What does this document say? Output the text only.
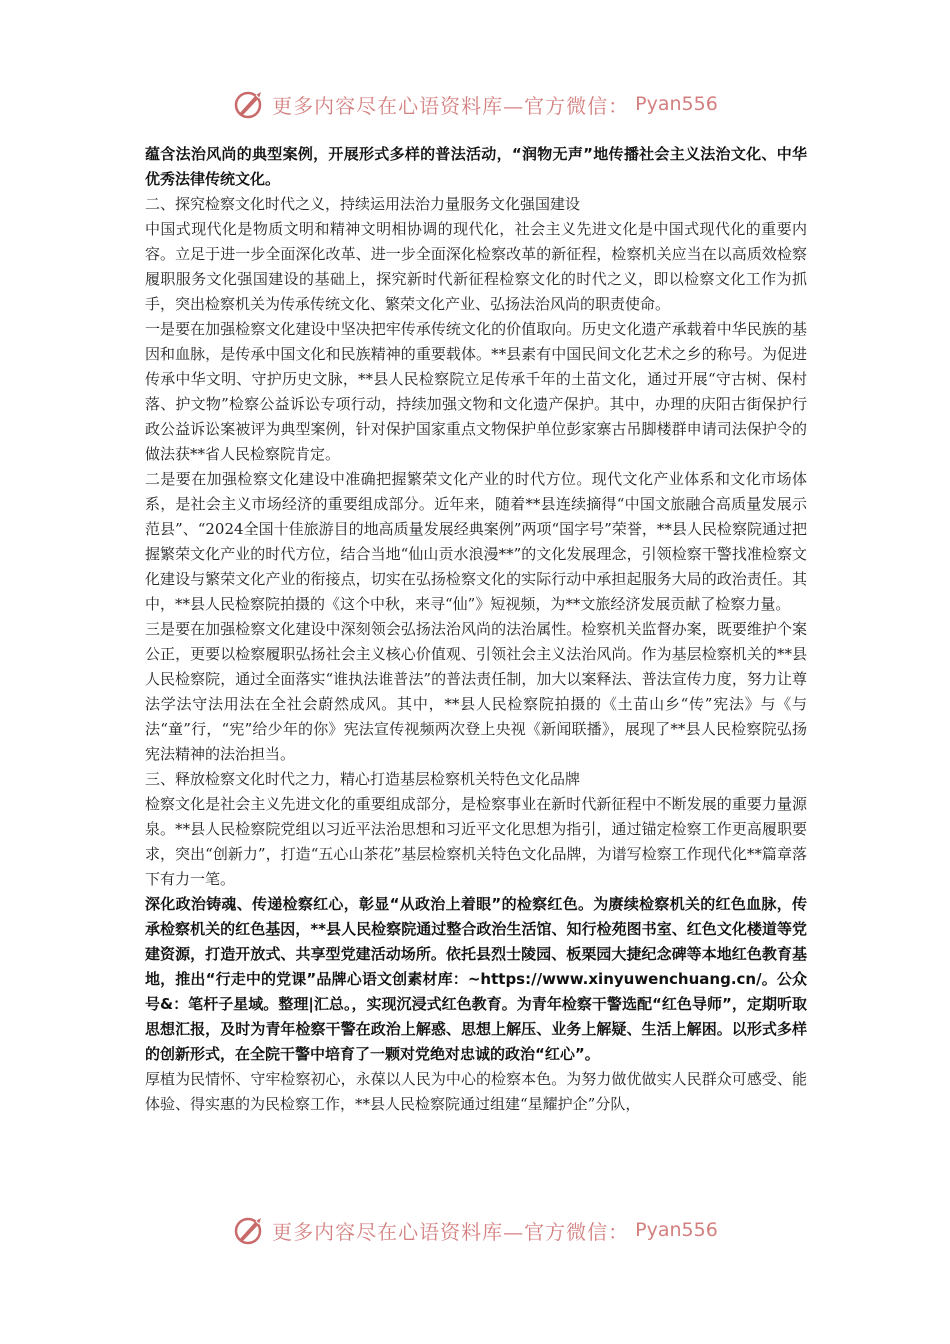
更多内容尽在心语资料库—官方微信： Pyan556

蕴含法治风尚的典型案例，开展形式多样的普法活动，“润物无声”地传播社会主义法治文化、中华优秀法律传统文化。

二、探究检察文化时代之义，持续运用法治力量服务文化强国建设

中国式现代化是物质文明和精神文明相协调的现代化，社会主义先进文化是中国式现代化的重要内容。立足于进一步全面深化改革、进一步全面深化检察改革的新征程，检察机关应当在以高质效检察履职服务文化强国建设的基础上，探究新时代新征程检察文化的时代之义，即以检察文化工作为抓手，突出检察机关为传承传统文化、繁荣文化产业、弘扬法治风尚的职责使命。

一是要在加强检察文化建设中坚决把牢传承传统文化的价值取向。历史文化遗产承载着中华民族的基因和血脉，是传承中国文化和民族精神的重要载体。**县素有中国民间文化艺术之乡的称号。为促进传承中华文明、守护历史文脉，**县人民检察院立足传承千年的土苗文化，通过开展“守古树、保村落、护文物”检察公益诉讼专项行动，持续加强文物和文化遗产保护。其中，办理的庆阳古街保护行政公益诉讼案被评为典型案例，针对保护国家重点文物保护单位彭家寨古吊脚楼群申请司法保护令的做法获**省人民检察院肯定。

二是要在加强检察文化建设中准确把握繁荣文化产业的时代方位。现代文化产业体系和文化市场体系，是社会主义市场经济的重要组成部分。近年来，随着**县连续摘得“中国文旅融合高质量发展示范县”、“2024全国十佳旅游目的地高质量发展经典案例”两项“国字号”荣誉，**县人民检察院通过把握繁荣文化产业的时代方位，结合当地“仙山贡水浪漫**”的文化发展理念，引领检察干警找准检察文化建设与繁荣文化产业的衔接点，切实在弘扬检察文化的实际行动中承担起服务大局的政治责任。其中，**县人民检察院拍摄的《这个中秋，来寻“仙”》短视频，为**文旅经济发展贡献了检察力量。

三是要在加强检察文化建设中深刻领会弘扬法治风尚的法治属性。检察机关监督办案，既要维护个案公正，更要以检察履职弘扬社会主义核心价值观、引领社会主义法治风尚。作为基层检察机关的**县人民检察院，通过全面落实“谁执法谁普法”的普法责任制，加大以案释法、普法宣传力度，努力让尊法学法守法用法在全社会蔚然成风。其中，**县人民检察院拍摄的《土苗山乡“传”宪法》与《与法“童”行，“宪”给少年的你》宪法宣传视频两次登上央视《新闻联播》，展现了**县人民检察院弘扬宪法精神的法治担当。

三、释放检察文化时代之力，精心打造基层检察机关特色文化品牌

检察文化是社会主义先进文化的重要组成部分，是检察事业在新时代新征程中不断发展的重要力量源泉。**县人民检察院党组以习近平法治思想和习近平文化思想为指引，通过锚定检察工作更高履职要求，突出“创新力”，打造“五心山茶花”基层检察机关特色文化品牌，为谱写检察工作现代化**篇章落下有力一笔。

深化政治铸魂、传递检察红心，彰显“从政治上着眼”的检察红色。为赓续检察机关的红色血脉，传承检察机关的红色基因，**县人民检察院通过整合政治生活馆、知行检苑图书室、红色文化楼道等党建资源，打造开放式、共享型党建活动场所。依托县烈士陵园、板栗园大捷纪念碑等本地红色教育基地，推出“行走中的党课”品牌心语文创素材库：~https://www.xinyuwenchuang.cn/。公众号&：笔杆子星域。整理|汇总。，实现沉浸式红色教育。为青年检察干警选配“红色导师”，定期听取思想汇报，及时为青年检察干警在政治上解惑、思想上解压、业务上解疑、生活上解困。以形式多样的创新形式，在全院干警中培育了一颗对党绝对忠诚的政治“红心”。

厚植为民情怀、守牢检察初心，永葆以人民为中心的检察本色。为努力做优做实人民群众可感受、能体验、得实惠的为民检察工作，**县人民检察院通过组建“星耀护企”分队，

更多内容尽在心语资料库—官方微信： Pyan556
